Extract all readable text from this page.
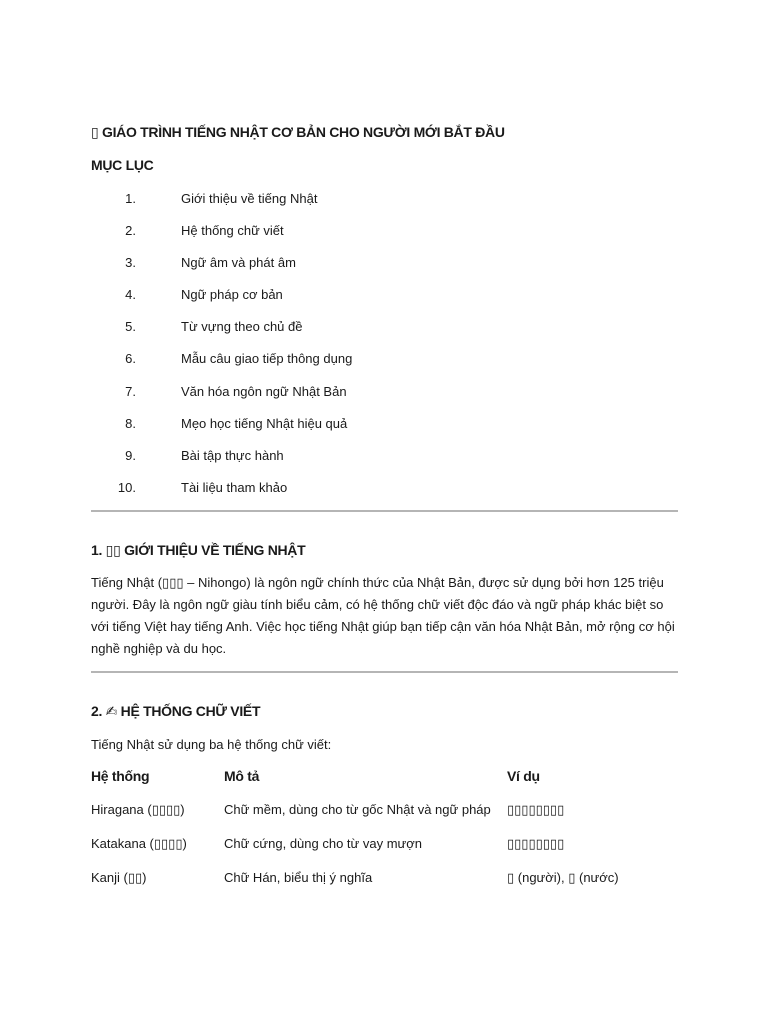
▯ GIÁO TRÌNH TIẾNG NHẬT CƠ BẢN CHO NGƯỜI MỚI BẮT ĐẦU
MỤC LỤC
1.	Giới thiệu về tiếng Nhật
2.	Hệ thống chữ viết
3.	Ngữ âm và phát âm
4.	Ngữ pháp cơ bản
5.	Từ vựng theo chủ đề
6.	Mẫu câu giao tiếp thông dụng
7.	Văn hóa ngôn ngữ Nhật Bản
8.	Mẹo học tiếng Nhật hiệu quả
9.	Bài tập thực hành
10.	Tài liệu tham khảo
1. ▯▯ GIỚI THIỆU VỀ TIẾNG NHẬT

Tiếng Nhật (▯▯▯ – Nihongo) là ngôn ngữ chính thức của Nhật Bản, được sử dụng bởi hơn 125 triệu người. Đây là ngôn ngữ giàu tính biểu cảm, có hệ thống chữ viết độc đáo và ngữ pháp khác biệt so với tiếng Việt hay tiếng Anh. Việc học tiếng Nhật giúp bạn tiếp cận văn hóa Nhật Bản, mở rộng cơ hội nghề nghiệp và du học.

2. ✍ HỆ THỐNG CHỮ VIẾT

Tiếng Nhật sử dụng ba hệ thống chữ viết:

Hệ thống	Mô tả	Ví dụ
Hiragana (▯▯▯▯)	Chữ mềm, dùng cho từ gốc Nhật và ngữ pháp ▯▯▯▯▯▯▯▯
Katakana (▯▯▯▯)	Chữ cứng, dùng cho từ vay mượn	▯▯▯▯▯▯▯▯
Kanji (▯▯)	Chữ Hán, biểu thị ý nghĩa	▯ (người), ▯ (nước)
